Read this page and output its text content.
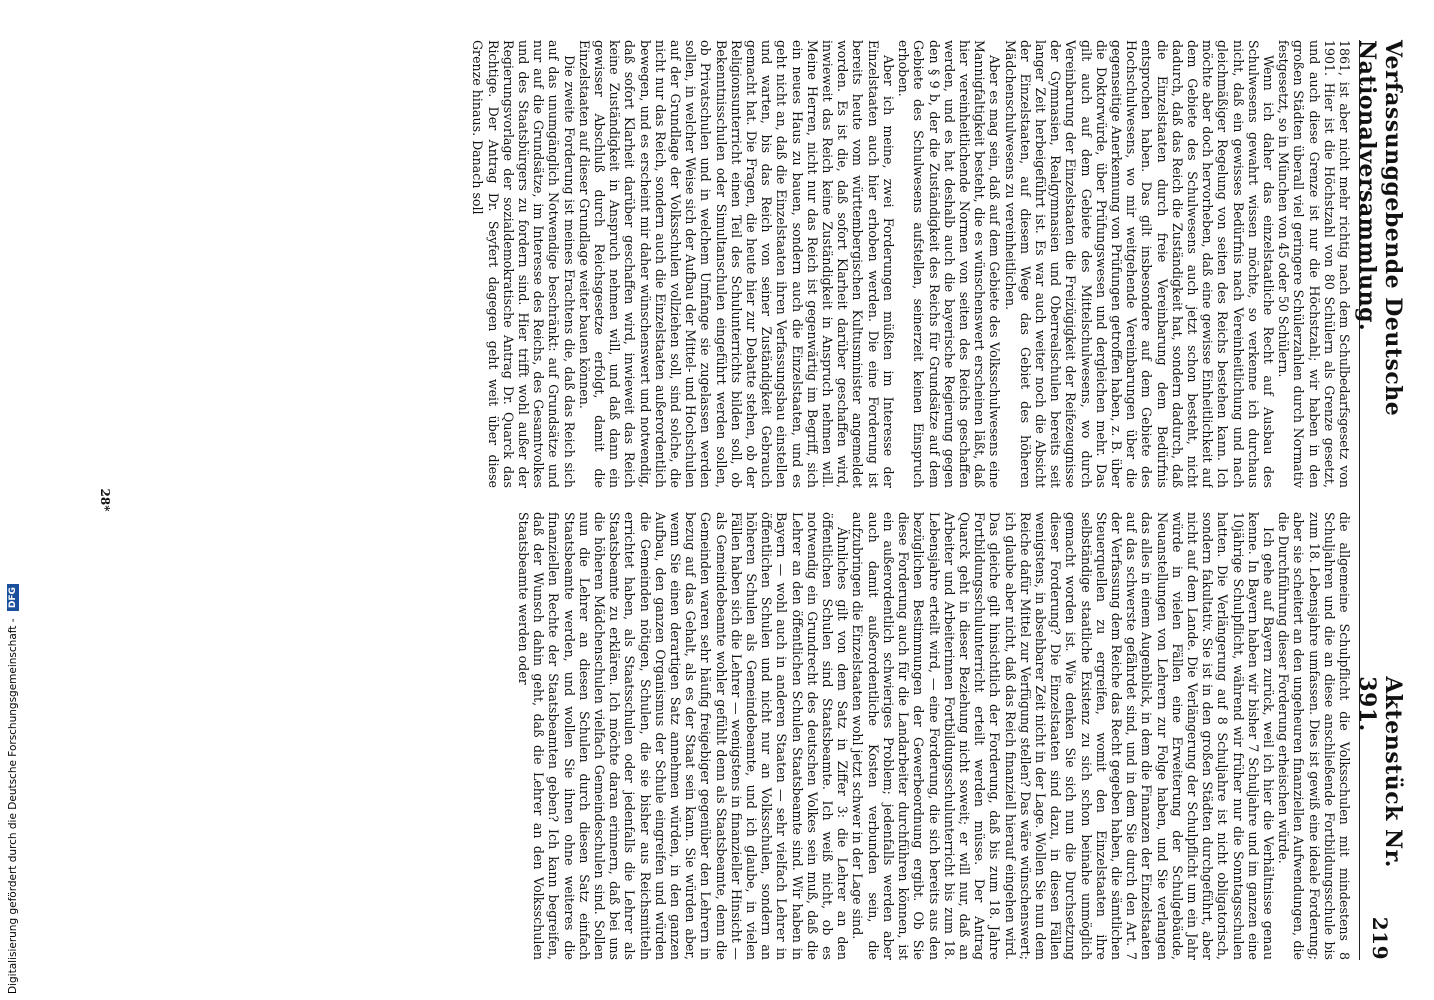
Digitalisierung gefördert durch die Deutsche Forschungsgemeinschaft - DFG
Verfassunggebende Deutsche Nationalversammlung.
Aktenstück Nr. 391.
219

1861, ist aber nicht mehr richtig nach dem Schulbedarfsgesetz von 1901. Hier ist die Höchstzahl von 80 Schülern als Grenze gesetzt, und auch diese Grenze ist nur die Höchstzahl; wir haben in den großen Städten überall viel geringere Schülerzahlen durch Normativ festgesetzt, so in München von 45 oder 50 Schülern.

Wenn ich daher das einzelstaatliche Recht auf Ausbau des Schulwesens gewahrt wissen möchte, so verkenne ich durchaus nicht, daß ein gewisses Bedürfnis nach Vereinheitlichung und nach gleichmäßiger Regelung von seiten des Reichs bestehen kann. Ich möchte aber doch hervorheben, daß eine gewisse Einheitlichkeit auf dem Gebiete des Schulwesens auch jetzt schon besteht, nicht dadurch, daß das Reich die Zuständigkeit hat, sondern dadurch, daß die Einzelstaaten durch freie Vereinbarung dem Bedürfnis entsprochen haben. Das gilt insbesondere auf dem Gebiete des Hochschulwesens, wo mir weitgehende Vereinbarungen über die gegenseitige Anerkennung von Prüfungen getroffen haben, z. B. über die Doktorwürde, über Prüfungswesen und dergleichen mehr. Das gilt auch auf dem Gebiete des Mittelschulwesens, wo durch Vereinbarung der Einzelstaaten die Freizügigkeit der Reifezeugnisse der Gymnasien, Realgymnasien und Oberrealschulen bereits seit langer Zeit herbeigeführt ist. Es war auch weiter noch die Absicht der Einzelstaaten, auf diesem Wege das Gebiet des höheren Mädchenschulwesens zu vereinheitlichen.

Aber es mag sein, daß auf dem Gebiete des Volksschulwesens eine Mannigfaltigkeit besteht, die es wünschenswert erscheinen läßt, daß hier vereinheitlichende Normen von seiten des Reichs geschaffen werden, und es hat deshalb auch die bayerische Regierung gegen den § 9 b, der die Zuständigkeit des Reichs für Grundsätze auf dem Gebiete des Schulwesens aufstellen, seinerzeit keinen Einspruch erhoben.

Aber ich meine, zwei Forderungen müßten im Interesse der Einzelstaaten auch hier erhoben werden. Die eine Forderung ist bereits heute vom württembergischen Kultusminister angemeldet worden. Es ist die, daß sofort Klarheit darüber geschaffen wird, inwieweit das Reich keine Zuständigkeit in Anspruch nehmen will. Meine Herren, nicht nur das Reich ist gegenwärtig im Begriff, sich ein neues Haus zu bauen, sondern auch die Einzelstaaten, und es geht nicht an, daß die Einzelstaaten ihren Verfassungsbau einstellen und warten, bis das Reich von seiner Zuständigkeit Gebrauch gemacht hat. Die Fragen, die heute hier zur Debatte stehen, ob der Religionsunterricht einen Teil des Schulunterrichts bilden soll, ob Bekenntnisschulen oder Simultanschulen eingeführt werden sollen, ob Privatschulen und in welchem Umfange sie zugelassen werden sollen, in welcher Weise sich der Aufbau der Mittel- und Hochschulen auf der Grundlage der Volksschulen vollziehen soll, sind solche, die nicht nur das Reich, sondern auch die Einzelstaaten außerordentlich bewegen, und es erscheint mir daher wünschenswert und notwendig, daß sofort Klarheit darüber geschaffen wird, inwieweit das Reich keine Zuständigkeit in Anspruch nehmen will, und daß dann ein gewisser Abschluß durch Reichsgesetze erfolgt, damit die Einzelstaaten auf dieser Grundlage weiter bauen können.

Die zweite Forderung ist meines Erachtens die, daß das Reich sich auf das unumgänglich Notwendige beschränkt: auf Grundsätze und nur auf die Grundsätze, im Interesse des Reichs, des Gesamtvolkes und des Staatsbürgers zu fordern sind. Hier trifft wohl außer der Regierungsvorlage der sozialdemokratische Antrag Dr. Quarck das Richtige. Der Antrag Dr. Seyfert dagegen geht weit über diese Grenze hinaus. Danach soll

die allgemeine Schulpflicht die Volksschulen mit mindestens 8 Schuljahren und die an diese anschließende Fortbildungsschule bis zum 18. Lebensjahre umfassen. Dies ist gewiß eine ideale Forderung; aber sie scheitert an den ungeheuren finanziellen Aufwendungen, die die Durchführung dieser Forderung erheischen würde.

Ich gehe auf Bayern zurück, weil ich hier die Verhältnisse genau kenne. In Bayern haben wir bisher 7 Schuljahre und im ganzen eine 10jährige Schulpflicht, während wir früher nur die Sonntagsschulen hatten. Die Verlängerung auf 8 Schuljahre ist nicht obligatorisch, sondern fakultativ. Sie ist in den großen Städten durchgeführt, aber nicht auf dem Lande. Die Verlängerung der Schulpflicht um ein Jahr würde in vielen Fällen eine Erweiterung der Schulgebäude, Neuanstellungen von Lehrern zur Folge haben, und Sie verlangen das alles in einem Augenblick, in dem die Finanzen der Einzelstaaten auf das schwerste gefährdet sind, und in dem Sie durch den Art. 7 der Verfassung dem Reiche das Recht gegeben haben, die sämtlichen Steuerquellen zu ergreifen, womit den Einzelstaaten ihre selbständige staatliche Existenz zu sich schon beinahe unmöglich gemacht worden ist. Wie denken Sie sich nun die Durchsetzung dieser Forderung? Die Einzelstaaten sind dazu, in diesen Fällen wenigstens, in absehbarer Zeit nicht in der Lage. Wollen Sie nun dem Reiche dafür Mittel zur Verfügung stellen? Das wäre wünschenswert; ich glaube aber nicht, daß das Reich finanziell hierauf eingehen wird. Das gleiche gilt hinsichtlich der Forderung, daß bis zum 18. Jahre Fortbildungsschulunterricht erteilt werden müsse. Der Antrag Quarck geht in dieser Beziehung nicht soweit; er will nur, daß an Arbeiter und Arbeiterinnen Fortbildungsschulunterricht bis zum 18. Lebensjahre erteilt wird, — eine Forderung, die sich bereits aus den bezüglichen Bestimmungen der Gewerbeordnung ergibt. Ob Sie diese Forderung auch für die Landarbeiter durchführen können, ist ein außerordentlich schwieriges Problem; jedenfalls werden aber auch damit außerordentliche Kosten verbunden sein, die aufzubringen die Einzelstaaten wohl jetzt schwer in der Lage sind.

Ähnliches gilt von dem Satz in Ziffer 3: die Lehrer an den öffentlichen Schulen sind Staatsbeamte. Ich weiß nicht, ob es notwendig ein Grundrecht des deutschen Volkes sein muß, daß die Lehrer an den öffentlichen Schulen Staatsbeamte sind. Wir haben in Bayern — wohl auch in anderen Staaten — sehr vielfach Lehrer in öffentlichen Schulen und nicht nur an Volksschulen, sondern an höheren Schulen als Gemeindebeamte, und ich glaube, in vielen Fällen haben sich die Lehrer — wenigstens in finanzieller Hinsicht — als Gemeindebeamte wohler gefühlt denn als Staatsbeamte, denn die Gemeinden waren sehr häufig freigebiger gegenüber den Lehrern in bezug auf das Gehalt, als es der Staat sein kann. Sie würden aber, wenn Sie einen derartigen Satz annehmen würden, in den ganzen Aufbau, den ganzen Organismus der Schule eingreifen und würden die Gemeinden nötigen, Schulen, die sie bisher aus Reichsmitteln errichtet haben, als Staatsschulen oder jedenfalls die Lehrer als Staatsbeamte zu erklären. Ich möchte daran erinnern, daß bei uns die höheren Mädchenschulen vielfach Gemeindeschulen sind. Sollen nun die Lehrer an diesen Schulen durch diesen Satz einfach Staatsbeamte werden, und wollen Sie ihnen ohne weiteres die finanziellen Rechte der Staatsbeamten geben? Ich kann begreifen, daß der Wunsch dahin geht, daß die Lehrer an den Volksschulen Staatsbeamte werden oder

28*
